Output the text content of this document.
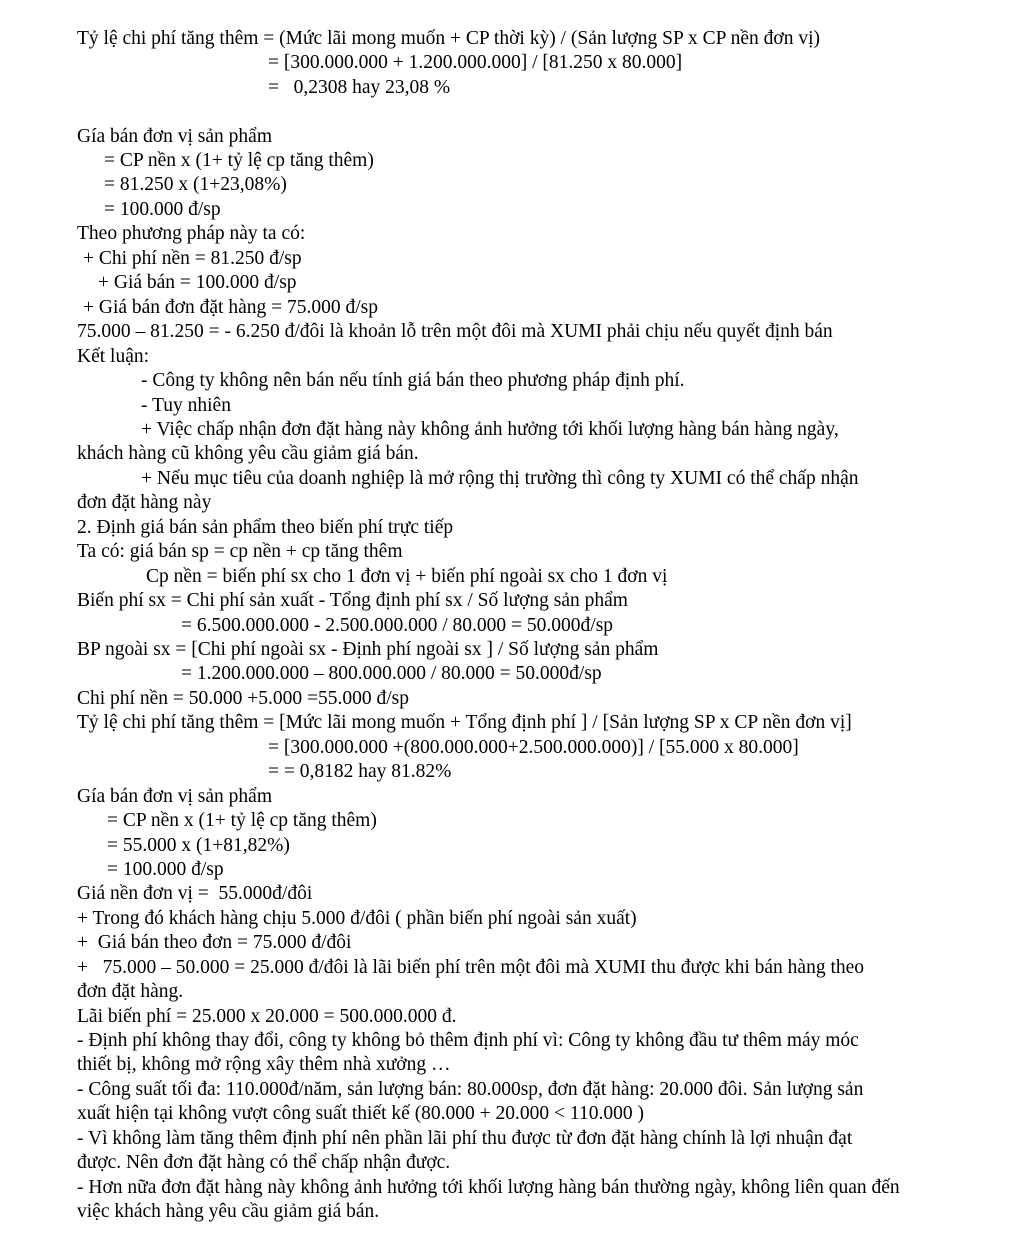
Tỷ lệ chi phí tăng thêm = (Mức lãi mong muốn + CP thời kỳ) / (Sản lượng SP x CP nền đơn vị)
= [300.000.000 + 1.200.000.000] / [81.250 x 80.000]
=   0,2308 hay 23,08 %
Gía bán đơn vị sản phẩm
= CP nền x (1+ tỷ lệ cp tăng thêm)
= 81.250 x (1+23,08%)
= 100.000 đ/sp
Theo phương pháp này ta có:
+ Chi phí nền = 81.250 đ/sp
+ Giá bán = 100.000 đ/sp
+ Giá bán đơn đặt hàng = 75.000 đ/sp
75.000 – 81.250 = - 6.250 đ/đôi là khoản lỗ trên một đôi mà XUMI phải chịu nếu quyết định bán
Kết luận:
- Công ty không nên bán nếu tính giá bán theo phương pháp định phí.
- Tuy nhiên
+ Việc chấp nhận đơn đặt hàng này không ảnh hưởng tới khối lượng hàng bán hàng ngày,
khách hàng cũ không yêu cầu giảm giá bán.
+ Nếu mục tiêu của doanh nghiệp là mở rộng thị trường thì công ty XUMI có thể chấp nhận
đơn đặt hàng này
2. Định giá bán sản phẩm theo biến phí trực tiếp
Ta có: giá bán sp = cp nền + cp tăng thêm
Cp nền = biến phí sx cho 1 đơn vị + biến phí ngoài sx cho 1 đơn vị
Biến phí sx = Chi phí sản xuất - Tổng định phí sx / Số lượng sản phẩm
= 6.500.000.000 - 2.500.000.000 / 80.000 = 50.000đ/sp
BP ngoài sx = [Chi phí ngoài sx - Định phí ngoài sx ] / Số lượng sản phẩm
= 1.200.000.000 – 800.000.000 / 80.000 = 50.000đ/sp
Chi phí nền = 50.000 +5.000 =55.000 đ/sp
Tỷ lệ chi phí tăng thêm = [Mức lãi mong muốn + Tổng định phí ] / [Sản lượng SP x CP nền đơn vị]
= [300.000.000 +(800.000.000+2.500.000.000)] / [55.000 x 80.000]
= = 0,8182 hay 81.82%
Gía bán đơn vị sản phẩm
= CP nền x (1+ tỷ lệ cp tăng thêm)
= 55.000 x (1+81,82%)
= 100.000 đ/sp
Giá nền đơn vị =  55.000đ/đôi
+ Trong đó khách hàng chịu 5.000 đ/đôi ( phần biến phí ngoài sản xuất)
+  Giá bán theo đơn = 75.000 đ/đôi
+   75.000 – 50.000 = 25.000 đ/đôi là lãi biến phí trên một đôi mà XUMI thu được khi bán hàng theo
đơn đặt hàng.
Lãi biến phí = 25.000 x 20.000 = 500.000.000 đ.
- Định phí không thay đổi, công ty không bỏ thêm định phí vì: Công ty không đầu tư thêm máy móc
thiết bị, không mở rộng xây thêm nhà xưởng …
- Công suất tối đa: 110.000đ/năm, sản lượng bán: 80.000sp, đơn đặt hàng: 20.000 đôi. Sản lượng sản
xuất hiện tại không vượt công suất thiết kế (80.000 + 20.000 < 110.000 )
- Vì không làm tăng thêm định phí nên phần lãi phí thu được từ đơn đặt hàng chính là lợi nhuận đạt
được. Nên đơn đặt hàng có thể chấp nhận được.
- Hơn nữa đơn đặt hàng này không ảnh hưởng tới khối lượng hàng bán thường ngày, không liên quan đến
việc khách hàng yêu cầu giảm giá bán.
